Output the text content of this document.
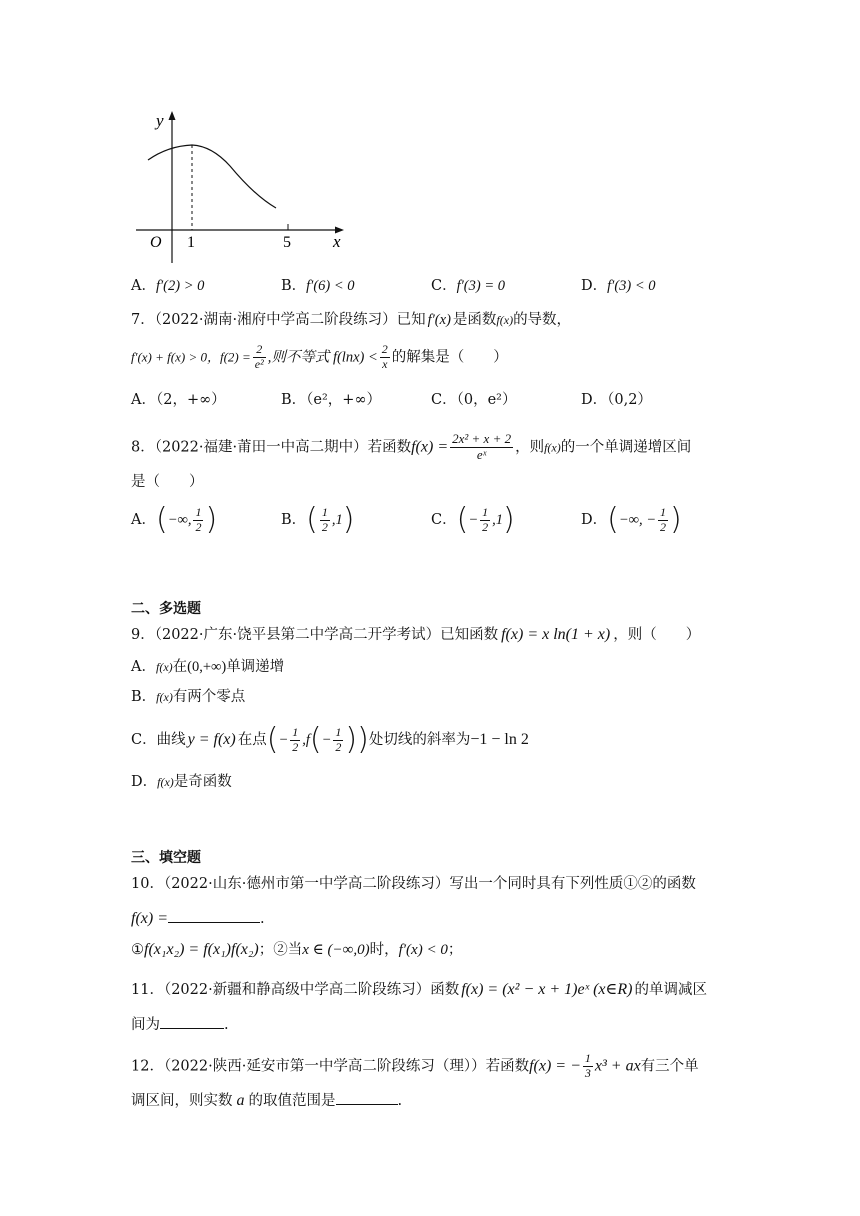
y
x
O 1	5
A．f′(2) > 0	B．f′(6) < 0	C．f′(3) = 0	D．f′(3) < 0
7．（2022·湖南·湘府中学高二阶段练习）已知 f′(x) 是函数f(x)的导数，
f′(x) + f(x) > 0，$f(2) = \frac{2}{\text{e²}}$ ,则不等式 $f(\ln x) < \frac{2}{x}$ 的解集是（　　）
A．（2，+∞）	B．（e²，+∞）	C．（0，e²）	D．（0,2）
8．（2022·福建·莆田一中高二期中）若函数$f(x) = \frac{\text{2x² + x + 2}}{\text{eˣ}}$ ，则f(x)的一个单调递增区间
是（　　）
A．(−∞, $\frac{1}{2}$ )	B．( $\frac{1}{2} ,1$)	C．(− $\frac{1}{2} ,1$)	D．(−∞, − $\frac{1}{2}$ )
二、多选题
9．（2022·广东·饶平县第二中学高二开学考试）已知函数 f(x) = x ln(1 + x) ，则（　　）
A．f(x)在(0,+∞)单调递增
B．f(x)有两个零点
C．曲线 y = f(x) 在点(− $\frac{1}{2} ,f(- \frac{1}{2}$ ))处切线的斜率为−1 − ln 2
D．f(x)是奇函数
三、填空题
10．（2022·山东·德州市第一中学高二阶段练习）写出一个同时具有下列性质①②的函数
f(x) =	.
①f(x₁x₂) = f(x₁)f(x₂)；②当x ∈ (−∞,0)时，f′(x) < 0；
11．（2022·新疆和静高级中学高二阶段练习）函数 f(x) = (x² − x + 1)eˣ (x∈R) 的单调减区
间为	.
12．（2022·陕西·延安市第一中学高二阶段练习（理））若函数f(x) = − $\frac{1}{3} x^3$ + ax有三个单
调区间，则实数 a 的取值范围是	.
